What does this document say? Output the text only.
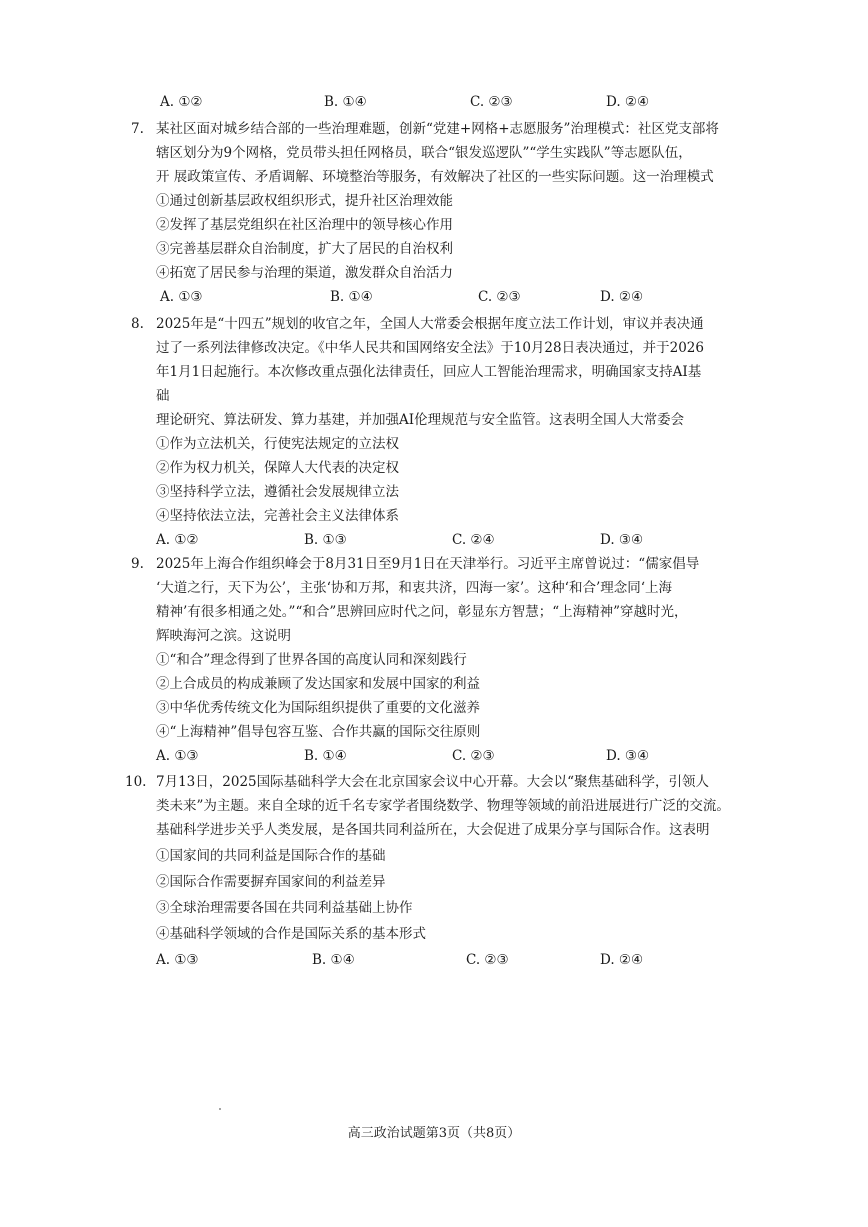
A. ①②	B. ①④	C. ②③	D. ②④
7. 某社区面对城乡结合部的一些治理难题，创新“党建+网格+志愿服务”治理模式：社区党支部将
辖区划分为9个网格，党员带头担任网格员，联合“银发巡逻队”“学生实践队”等志愿队伍，
开 展政策宣传、矛盾调解、环境整治等服务，有效解决了社区的一些实际问题。这一治理模式
①通过创新基层政权组织形式，提升社区治理效能
②发挥了基层党组织在社区治理中的领导核心作用
③完善基层群众自治制度，扩大了居民的自治权利
④拓宽了居民参与治理的渠道，激发群众自治活力
A. ①③	B. ①④	C. ②③	D. ②④
8. 2025年是“十四五”规划的收官之年，全国人大常委会根据年度立法工作计划，审议并表决通
过了一系列法律修改决定。《中华人民共和国网络安全法》于10月28日表决通过，并于2026
年1月1日起施行。本次修改重点强化法律责任，回应人工智能治理需求，明确国家支持AI基
础
理论研究、算法研发、算力基建，并加强AI伦理规范与安全监管。这表明全国人大常委会
①作为立法机关，行使宪法规定的立法权
②作为权力机关，保障人大代表的决定权
③坚持科学立法，遵循社会发展规律立法
④坚持依法立法，完善社会主义法律体系
A. ①②	B. ①③	C. ②④	D. ③④
9. 2025年上海合作组织峰会于8月31日至9月1日在天津举行。习近平主席曾说过：“儒家倡导
‘大道之行，天下为公’，主张‘协和万邦，和衷共济，四海一家’。这种‘和合’理念同‘上海
精神’有很多相通之处。”“和合”思辨回应时代之问，彰显东方智慧；“上海精神”穿越时光，
辉映海河之滨。这说明
①“和合”理念得到了世界各国的高度认同和深刻践行
②上合成员的构成兼顾了发达国家和发展中国家的利益
③中华优秀传统文化为国际组织提供了重要的文化滋养
④“上海精神”倡导包容互鉴、合作共赢的国际交往原则
A. ①③	B. ①④	C. ②③	D. ③④
10. 7月13日，2025国际基础科学大会在北京国家会议中心开幕。大会以“聚焦基础科学，引领人
类未来”为主题。来自全球的近千名专家学者围绕数学、物理等领域的前沿进展进行广泛的交流。
基础科学进步关乎人类发展，是各国共同利益所在，大会促进了成果分享与国际合作。这表明
①国家间的共同利益是国际合作的基础
②国际合作需要摒弃国家间的利益差异
③全球治理需要各国在共同利益基础上协作
④基础科学领域的合作是国际关系的基本形式
A. ①③	B. ①④	C. ②③	D. ②④
高三政治试题第3页（共8页）
